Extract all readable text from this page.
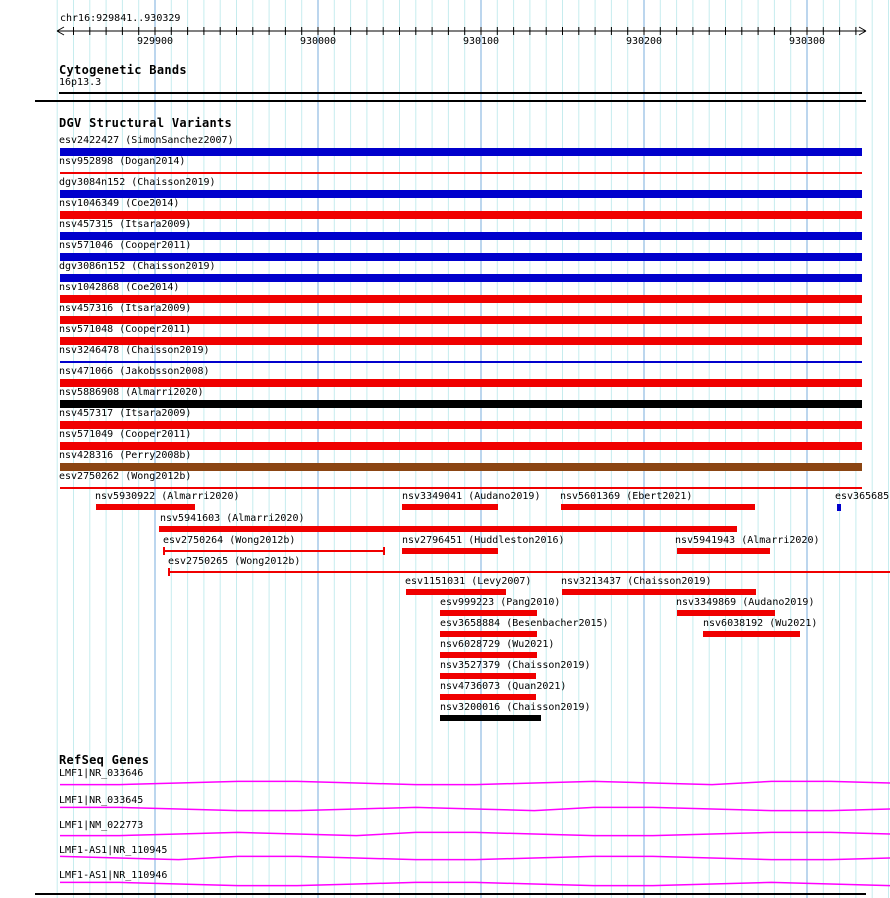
chr16:929841..930329
929900	930000	930100	930200	930300
Cytogenetic Bands
16p13.3
DGV Structural Variants
esv2422427 (SimonSanchez2007)
nsv952898 (Dogan2014)
dgv3084n152 (Chaisson2019)
nsv1046349 (Coe2014)
nsv457315 (Itsara2009)
nsv571046 (Cooper2011)
dgv3086n152 (Chaisson2019)
nsv1042868 (Coe2014)
nsv457316 (Itsara2009)
nsv571048 (Cooper2011)
nsv3246478 (Chaisson2019)
nsv471066 (Jakobsson2008)
nsv5886908 (Almarri2020)
nsv457317 (Itsara2009)
nsv571049 (Cooper2011)
nsv428316 (Perry2008b)
esv2750262 (Wong2012b)
nsv5930922 (Almarri2020)	nsv3349041 (Audano2019) nsv5601369 (Ebert2021)	esv365685
nsv5941603 (Almarri2020)
esv2750264 (Wong2012b)	nsv2796451 (Huddleston2016)	nsv5941943 (Almarri2020)
esv2750265 (Wong2012b)
esv1151031 (Levy2007)	nsv3213437 (Chaisson2019)
esv999223 (Pang2010)	nsv3349869 (Audano2019)
esv3658884 (Besenbacher2015)	nsv6038192 (Wu2021)
nsv6028729 (Wu2021)
nsv3527379 (Chaisson2019)
nsv4736073 (Quan2021)
nsv3200016 (Chaisson2019)
RefSeq Genes
LMF1|NR_033646
LMF1|NR_033645
LMF1|NM_022773
LMF1-AS1|NR_110945
LMF1-AS1|NR_110946
